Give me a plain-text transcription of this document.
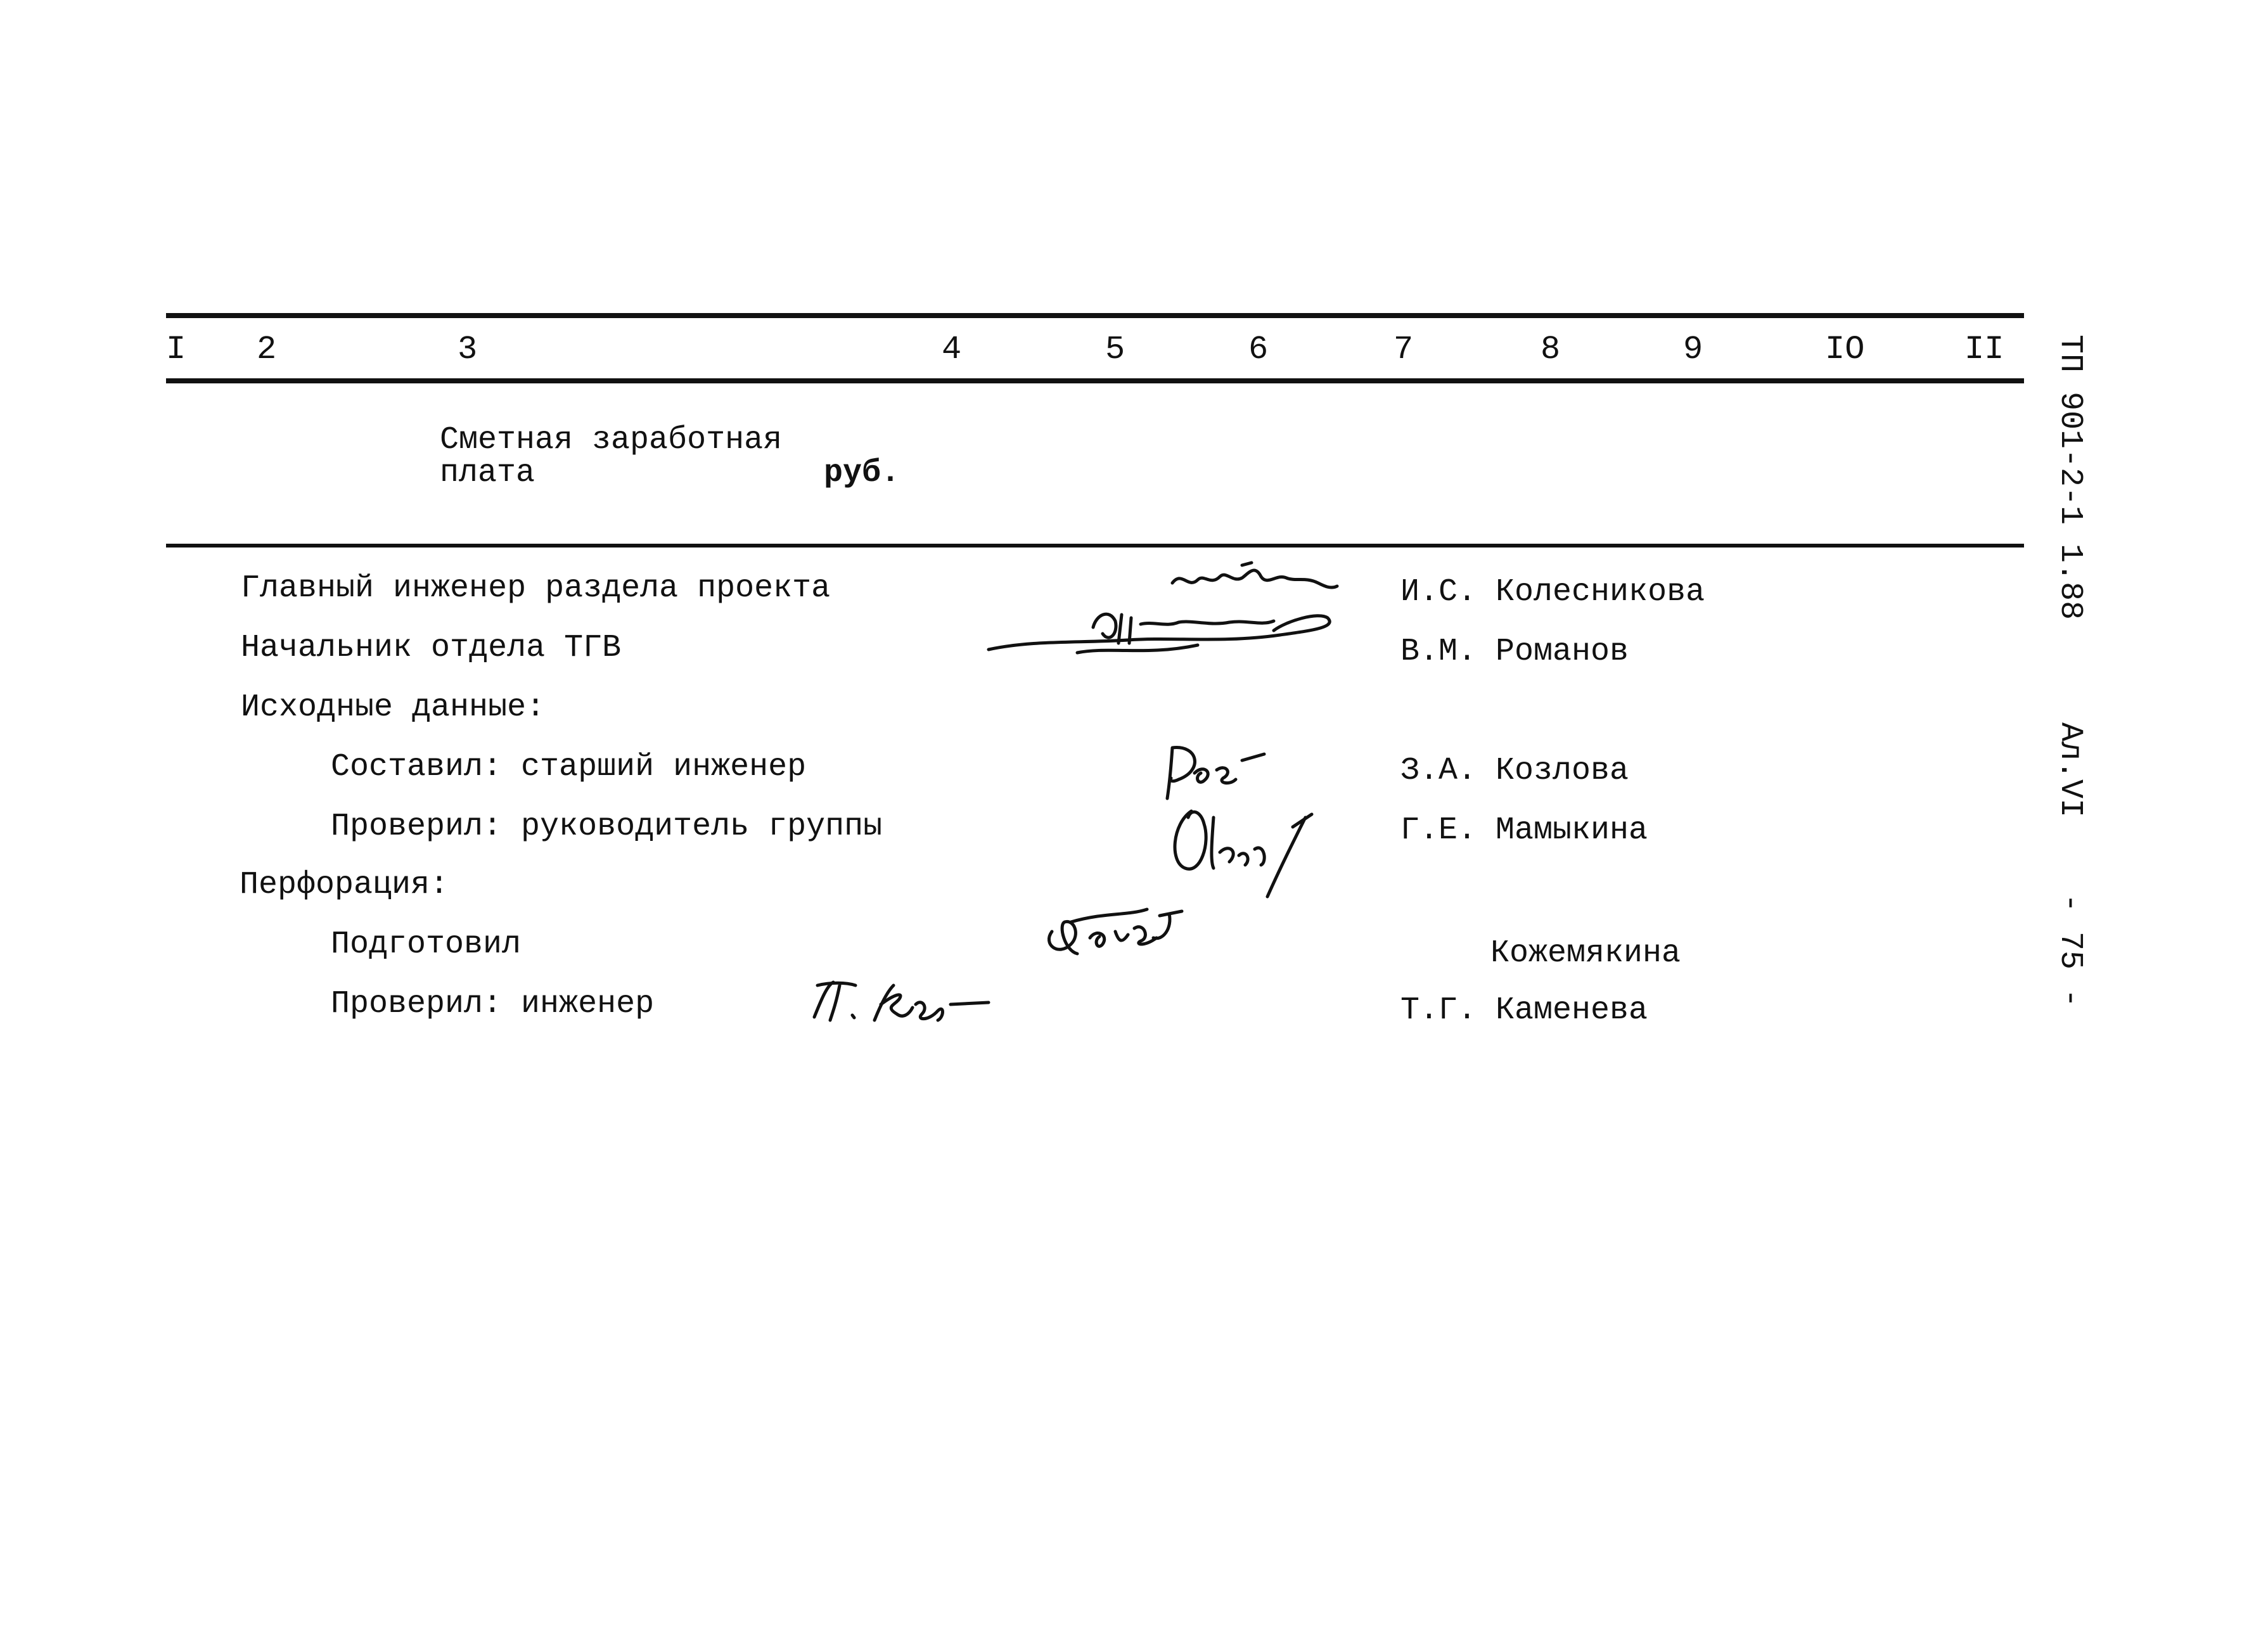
I 2	3	4	5	6	7	8	9	IO	II
Сметная заработная
плата	руб.
Главный инженер раздела проекта	И.С. Колесникова
Начальник отдела ТГВ	В.М. Романов
Исходные данные:
Составил: старший инженер	З.А. Козлова
Проверил: руководитель группы	Г.Е. Мамыкина
Перфорация:
Подготовил	Кожемякина
Проверил: инженер	Т.Г. Каменева
ТП 901-2-1 1.88
Ал.VI
- 75 -
